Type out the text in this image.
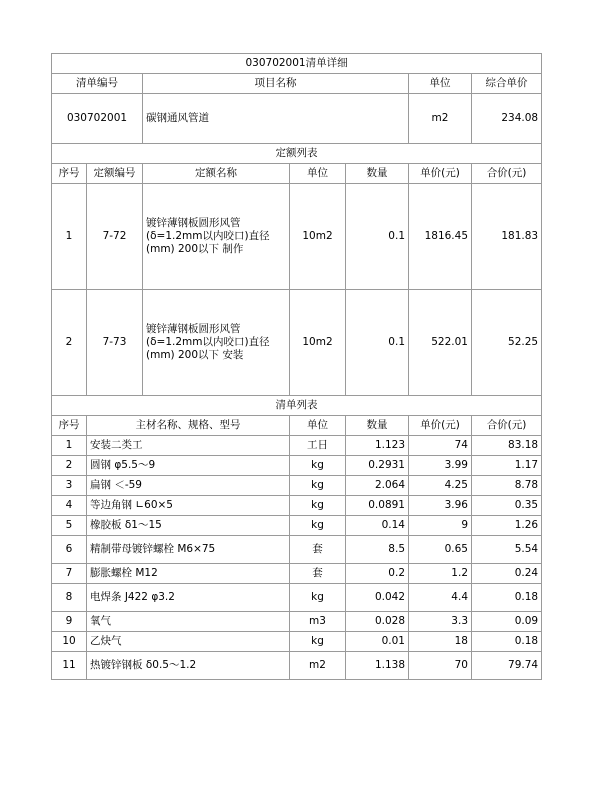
030702001清单详细						
清单编号		项目名称			单位	综合单价
030702001		碳钢通风管道			m2	234.08
定额列表						
序号	定额编号	定额名称	单位	数量	单价(元)	合价(元)
1	7-72	镀锌薄钢板圆形风管
(δ=1.2mm以内咬口)直径
(mm) 200以下 制作	10m2	0.1	1816.45	181.83
2	7-73	镀锌薄钢板圆形风管
(δ=1.2mm以内咬口)直径
(mm) 200以下 安装	10m2	0.1	522.01	52.25
清单列表						
序号	主材名称、规格、型号		单位	数量	单价(元)	合价(元)
1	安装二类工		工日	1.123	74	83.18
2	圆钢 φ5.5～9		kg	0.2931	3.99	1.17
3	扁钢 ＜-59		kg	2.064	4.25	8.78
4	等边角钢 ∟60×5		kg	0.0891	3.96	0.35
5	橡胶板 δ1～15		kg	0.14	9	1.26
6	精制带母镀锌螺栓 M6×75		套	8.5	0.65	5.54
7	膨胀螺栓 M12		套	0.2	1.2	0.24
8	电焊条 J422 φ3.2		kg	0.042	4.4	0.18
9	氧气		m3	0.028	3.3	0.09
10	乙炔气		kg	0.01	18	0.18
11	热镀锌钢板 δ0.5～1.2		m2	1.138	70	79.74
